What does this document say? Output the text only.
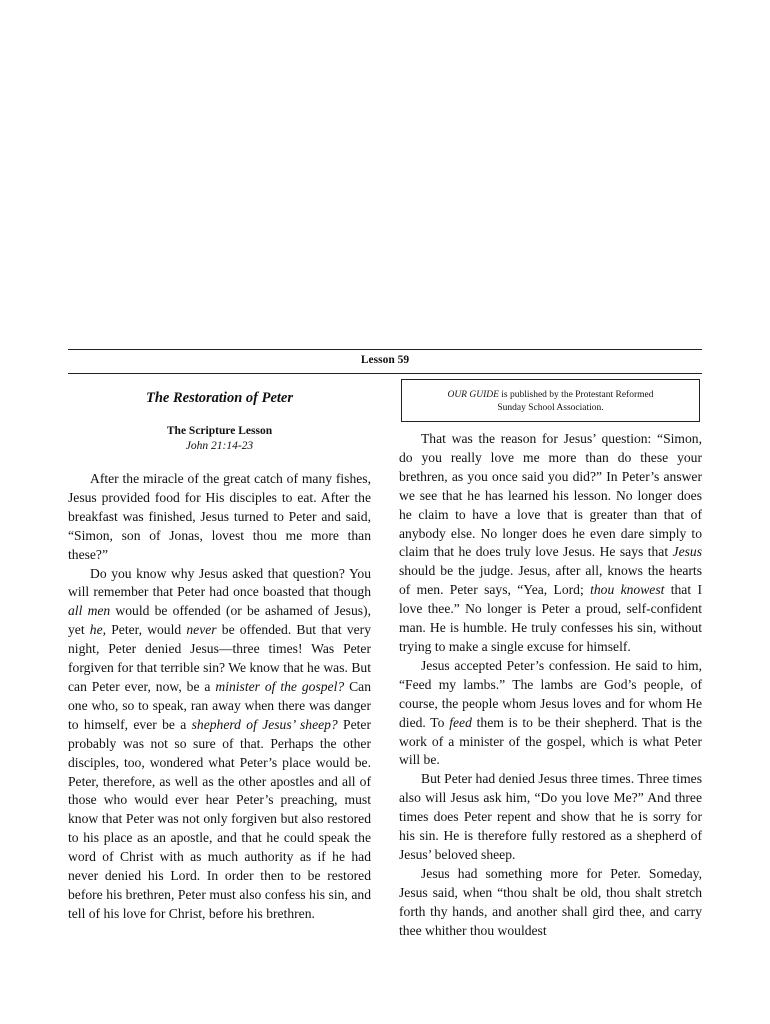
Lesson 59
The Restoration of Peter
The Scripture Lesson
John 21:14-23

After the miracle of the great catch of many fishes, Jesus provided food for His disciples to eat. After the breakfast was finished, Jesus turned to Peter and said, “Simon, son of Jonas, lovest thou me more than these?”

Do you know why Jesus asked that question? You will remember that Peter had once boasted that though all men would be offended (or be ashamed of Jesus), yet he, Peter, would never be offended. But that very night, Peter denied Jesus—three times! Was Peter forgiven for that terrible sin? We know that he was. But can Peter ever, now, be a minister of the gospel? Can one who, so to speak, ran away when there was danger to himself, ever be a shepherd of Jesus’ sheep? Peter probably was not so sure of that. Perhaps the other disciples, too, wondered what Peter’s place would be. Peter, therefore, as well as the other apostles and all of those who would ever hear Peter’s preaching, must know that Peter was not only forgiven but also restored to his place as an apostle, and that he could speak the word of Christ with as much authority as if he had never denied his Lord. In order then to be restored before his brethren, Peter must also confess his sin, and tell of his love for Christ, before his brethren.

OUR GUIDE is published by the Protestant Reformed
Sunday School Association.

That was the reason for Jesus’ question: “Simon, do you really love me more than do these your brethren, as you once said you did?” In Peter’s answer we see that he has learned his lesson. No longer does he claim to have a love that is greater than that of anybody else. No longer does he even dare simply to claim that he does truly love Jesus. He says that Jesus should be the judge. Jesus, after all, knows the hearts of men. Peter says, “Yea, Lord; thou knowest that I love thee.” No longer is Peter a proud, self-confident man. He is humble. He truly confesses his sin, without trying to make a single excuse for himself.

Jesus accepted Peter’s confession. He said to him, “Feed my lambs.” The lambs are God’s people, of course, the people whom Jesus loves and for whom He died. To feed them is to be their shepherd. That is the work of a minister of the gospel, which is what Peter will be.

But Peter had denied Jesus three times. Three times also will Jesus ask him, “Do you love Me?” And three times does Peter repent and show that he is sorry for his sin. He is therefore fully restored as a shepherd of Jesus’ beloved sheep.

Jesus had something more for Peter. Someday, Jesus said, when “thou shalt be old, thou shalt stretch forth thy hands, and another shall gird thee, and carry thee whither thou wouldest
